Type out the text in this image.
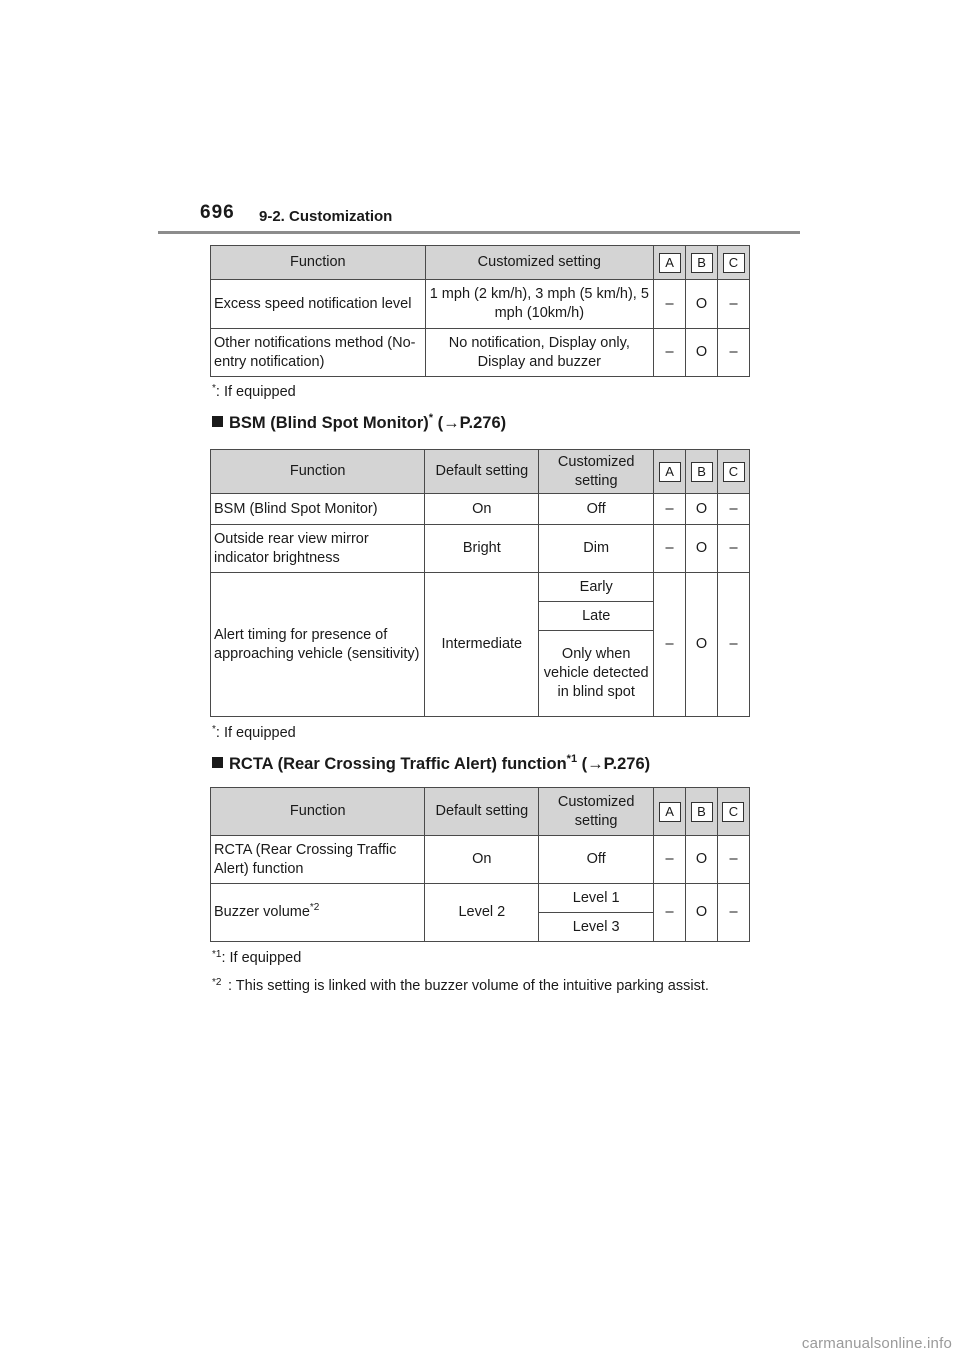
696 9-2. Customization
Function	Customized setting	A	B	C
Excess speed notification level	1 mph (2 km/h), 3 mph (5 km/h), 5 mph (10km/h)	–	O	–
Other notifications method (No-entry notification)	No notification, Display only, Display and buzzer	–	O	–
*: If equipped
BSM (Blind Spot Monitor)* (→P.276)
Function	Default setting	Customized setting	A	B	C
BSM (Blind Spot Monitor)	On	Off	–	O	–
Outside rear view mirror indicator brightness	Bright	Dim	–	O	–
Alert timing for presence of approaching vehicle (sensitivity)	Intermediate	Early	–	O	–
		Late			
		Only when vehicle detected in blind spot			
*: If equipped
RCTA (Rear Crossing Traffic Alert) function$^{*1}$ (→P.276)
Function	Default setting	Customized setting	A	B	C
RCTA (Rear Crossing Traffic Alert) function	On	Off	–	O	–
Buzzer volume$^{*2}$	Level 2	Level 1	–	O	–
		Level 3			
$^{*1}$: If equipped
$^{*2}$ : This setting is linked with the buzzer volume of the intuitive parking assist.
carmanualsonline.info
